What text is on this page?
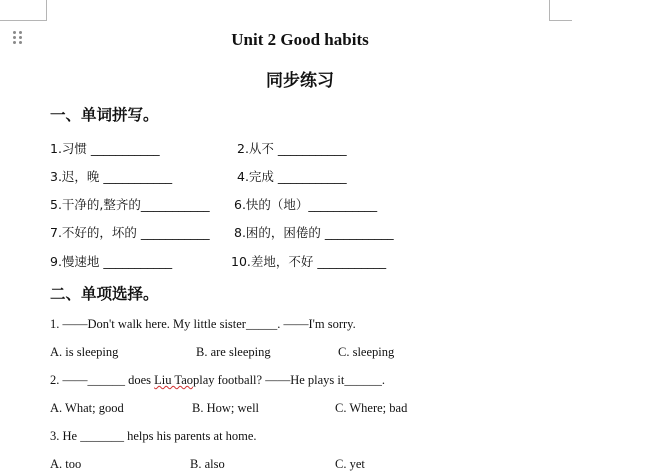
Unit 2 Good habits
同步练习
一、单词拼写。
1.习惯 ___________	2.从不 ___________
3.迟，晚 ___________	4.完成 ___________
5.干净的,整齐的___________ 6.快的（地）___________
7.不好的，坏的 ___________ 8.困的，困倦的 ___________
9.慢速地 ___________	10.差地，不好 ___________
二、单项选择。
1. ——Don't walk here. My little sister_____. ——I'm sorry.
A. is sleeping	B. are sleeping	C. sleeping
2. ——______ does Liu Taoplay football? ——He plays it______.
A. What; good	B. How; well	C. Where; bad
3. He _______ helps his parents at home.
A. too	B. also	C. yet
